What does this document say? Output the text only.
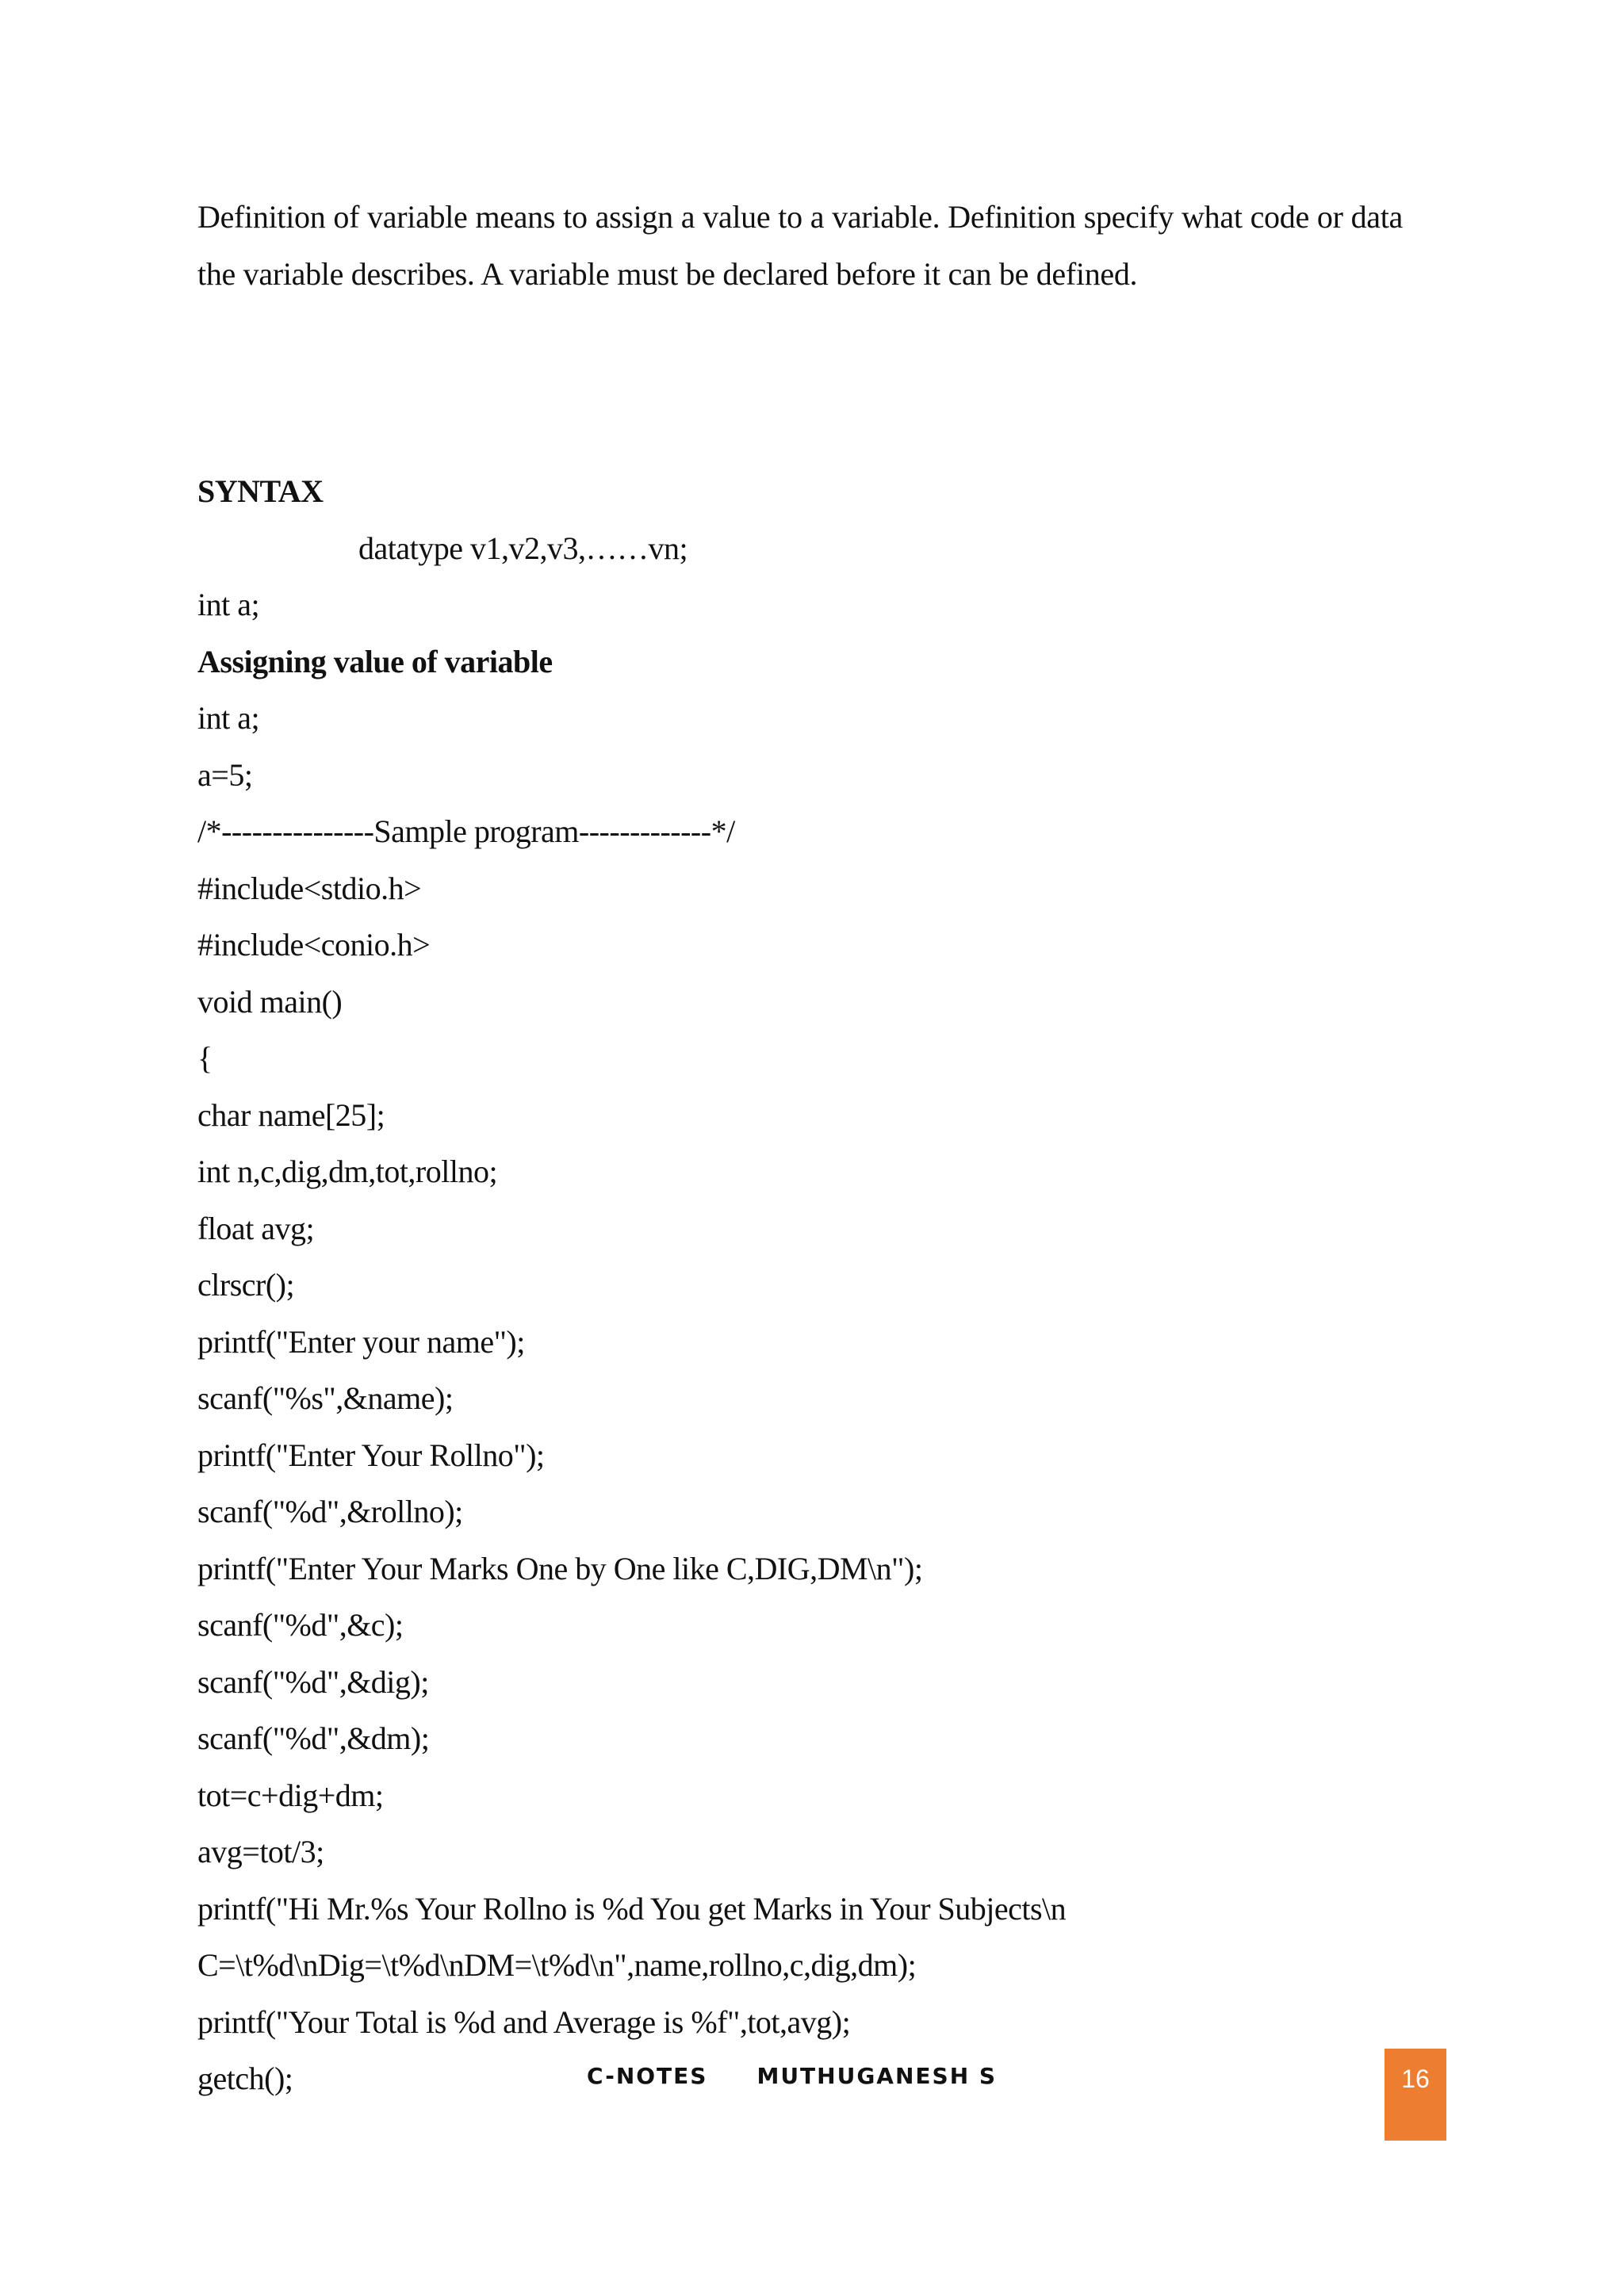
Definition of variable means to assign a value to a variable. Definition specify what code or data the variable describes. A variable must be declared before it can be defined.

SYNTAX

datatype v1,v2,v3,……vn;

int a;

Assigning value of variable

int a;

a=5;

/*---------------Sample program-------------*/

#include<stdio.h>

#include<conio.h>

void main()

{

char name[25];

int n,c,dig,dm,tot,rollno;

float avg;

clrscr();

printf("Enter your name");

scanf("%s",&name);

printf("Enter Your Rollno");

scanf("%d",&rollno);

printf("Enter Your Marks One by One like C,DIG,DM\n");

scanf("%d",&c);

scanf("%d",&dig);

scanf("%d",&dm);

tot=c+dig+dm;

avg=tot/3;

printf("Hi Mr.%s Your Rollno is %d You get Marks in Your Subjects\n

C=\t%d\nDig=\t%d\nDM=\t%d\n",name,rollno,c,dig,dm);

printf("Your Total is %d and Average is %f",tot,avg);

getch();	C-NOTES MUTHUGANESH S	16
